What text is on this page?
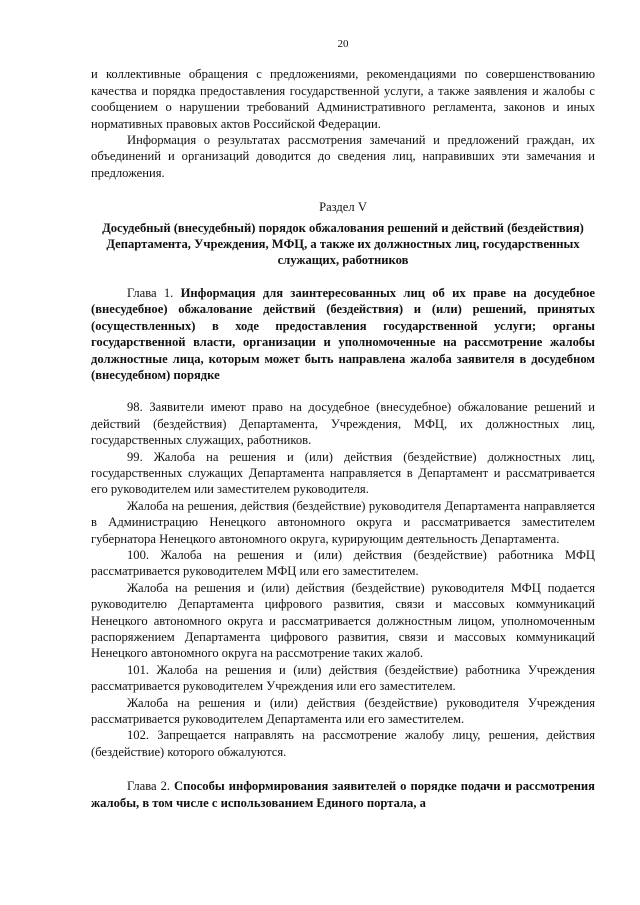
20

и коллективные обращения с предложениями, рекомендациями по совершенствованию качества и порядка предоставления государственной услуги, а также заявления и жалобы с сообщением о нарушении требований Административного регламента, законов и иных нормативных правовых актов Российской Федерации.

Информация о результатах рассмотрения замечаний и предложений граждан, их объединений и организаций доводится до сведения лиц, направивших эти замечания и предложения.

Раздел V
Досудебный (внесудебный) порядок обжалования решений и действий (бездействия) Департамента, Учреждения, МФЦ, а также их должностных лиц, государственных служащих, работников

Глава 1. Информация для заинтересованных лиц об их праве на досудебное (внесудебное) обжалование действий (бездействия) и (или) решений, принятых (осуществленных) в ходе предоставления государственной услуги; органы государственной власти, организации и уполномоченные на рассмотрение жалобы должностные лица, которым может быть направлена жалоба заявителя в досудебном (внесудебном) порядке

98. Заявители имеют право на досудебное (внесудебное) обжалование решений и действий (бездействия) Департамента, Учреждения, МФЦ, их должностных лиц, государственных служащих, работников.

99. Жалоба на решения и (или) действия (бездействие) должностных лиц, государственных служащих Департамента направляется в Департамент и рассматривается его руководителем или заместителем руководителя.

Жалоба на решения, действия (бездействие) руководителя Департамента направляется в Администрацию Ненецкого автономного округа и рассматривается заместителем губернатора Ненецкого автономного округа, курирующим деятельность Департамента.

100. Жалоба на решения и (или) действия (бездействие) работника МФЦ рассматривается руководителем МФЦ или его заместителем.

Жалоба на решения и (или) действия (бездействие) руководителя МФЦ подается руководителю Департамента цифрового развития, связи и массовых коммуникаций Ненецкого автономного округа и рассматривается должностным лицом, уполномоченным распоряжением Департамента цифрового развития, связи и массовых коммуникаций Ненецкого автономного округа на рассмотрение таких жалоб.

101. Жалоба на решения и (или) действия (бездействие) работника Учреждения рассматривается руководителем Учреждения или его заместителем.

Жалоба на решения и (или) действия (бездействие) руководителя Учреждения рассматривается руководителем Департамента или его заместителем.

102. Запрещается направлять на рассмотрение жалобу лицу, решения, действия (бездействие) которого обжалуются.

Глава 2. Способы информирования заявителей о порядке подачи и рассмотрения жалобы, в том числе с использованием Единого портала, а
